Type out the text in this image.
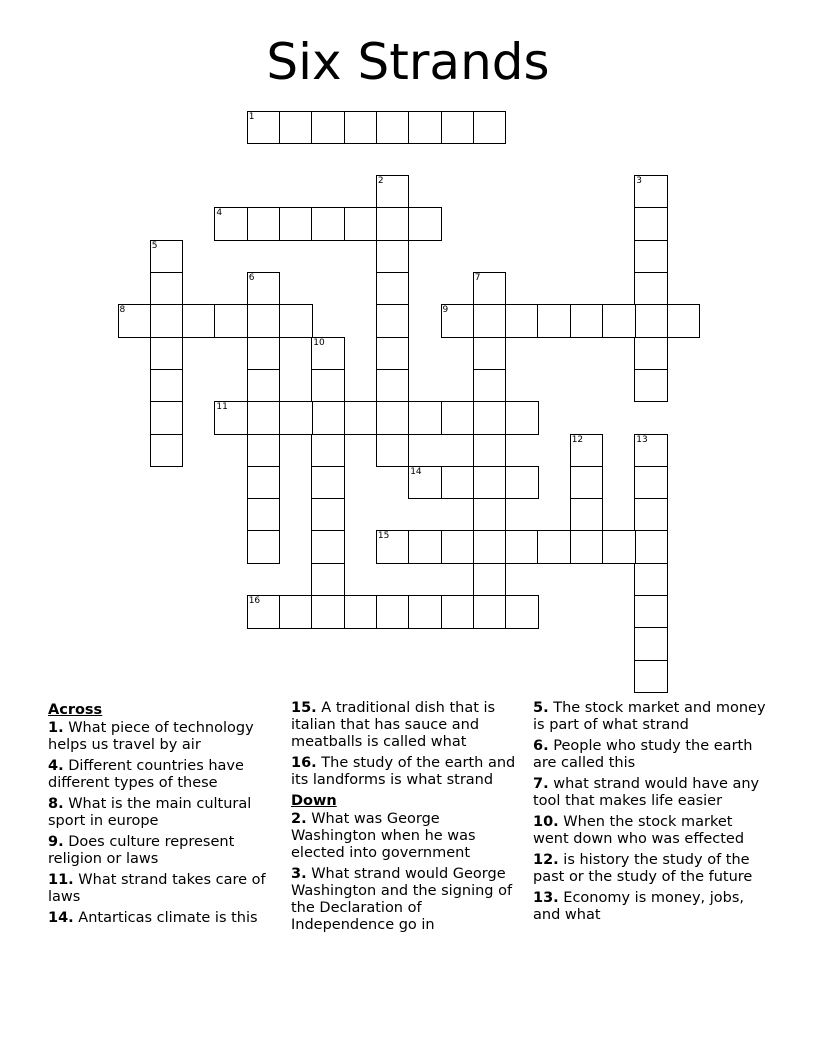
Six Strands
1
2	3
4
5
6	7
8	9
10
11
12	13
14
15
16
Across
1. What piece of technology helps us travel by air
4. Different countries have different types of these
8. What is the main cultural sport in europe
9. Does culture represent religion or laws
11. What strand takes care of laws
14. Antarticas climate is this
15. A traditional dish that is italian that has sauce and meatballs is called what
16. The study of the earth and its landforms is what strand
Down
2. What was George Washington when he was elected into government
3. What strand would George Washington and the signing of the Declaration of Independence go in
5. The stock market and money is part of what strand
6. People who study the earth are called this
7. what strand would have any tool that makes life easier
10. When the stock market went down who was effected
12. is history the study of the past or the study of the future
13. Economy is money, jobs, and what
